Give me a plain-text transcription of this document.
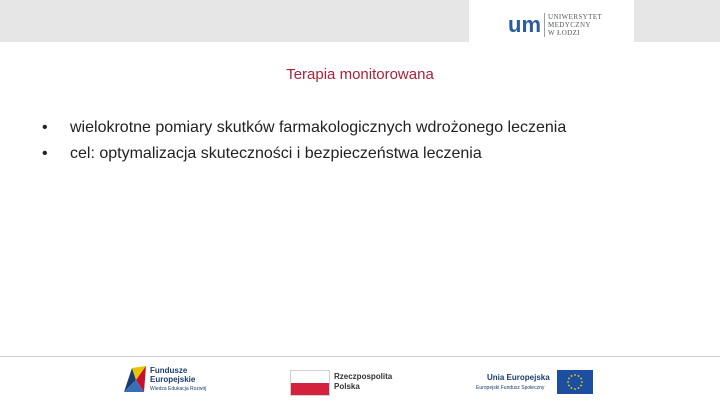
um UNIWERSYTET
MEDYCZNY
W ŁODZI
Terapia monitorowana
• wielokrotne pomiary skutków farmakologicznych wdrożonego leczenia
• cel: optymalizacja skuteczności i bezpieczeństwa leczenia
Fundusze
Europejskie
Wiedza Edukacja Rozwój
Rzeczpospolita
Polska
Unia Europejska
Europejski Fundusz Społeczny
